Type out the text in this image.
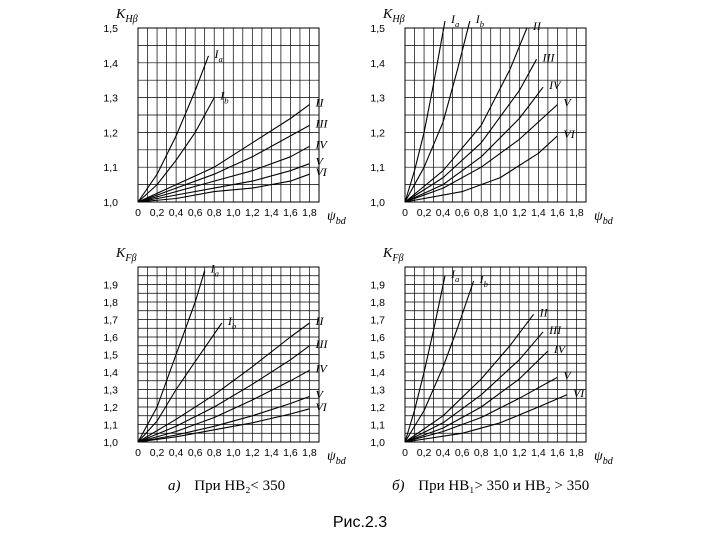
1,0
1,1
1,2
1,3
1,4
1,5
0 0,2 0,4 0,6 0,8 1,0 1,2 1,4 1,6 1,8
$K_{H\beta}$
$\psi_{bd}$
$I_a$
$I_b$	II
III
IV
V
VI
1,0
1,1
1,2
1,3
1,4
1,5
0 0,2 0,4 0,6 0,8 1,0 1,2 1,4 1,6 1,8
$K_{H\beta}$
$\psi_{bd}$
$I_a$ $I_b$	II
III
IV
V
VI
1,0
1,1
1,2
1,3
1,4
1,5
1,6
1,7
1,8
1,9
0 0,2 0,4 0,6 0,8 1,0 1,2 1,4 1,6 1,8
$K_{F\beta}$
$\psi_{bd}$
$I_a$
$I_b$	II
III
IV
V
VI
1,0
1,1
1,2
1,3
1,4
1,5
1,6
1,7
1,8
1,9
0 0,2 0,4 0,6 0,8 1,0 1,2 1,4 1,6 1,8
$K_{F\beta}$
$\psi_{bd}$
$I_a$ $I_b$
II
III
IV
V
VI
а) При HB₂< 350	б) При HB₁> 350 и HB₂ > 350
Рис.2.3
